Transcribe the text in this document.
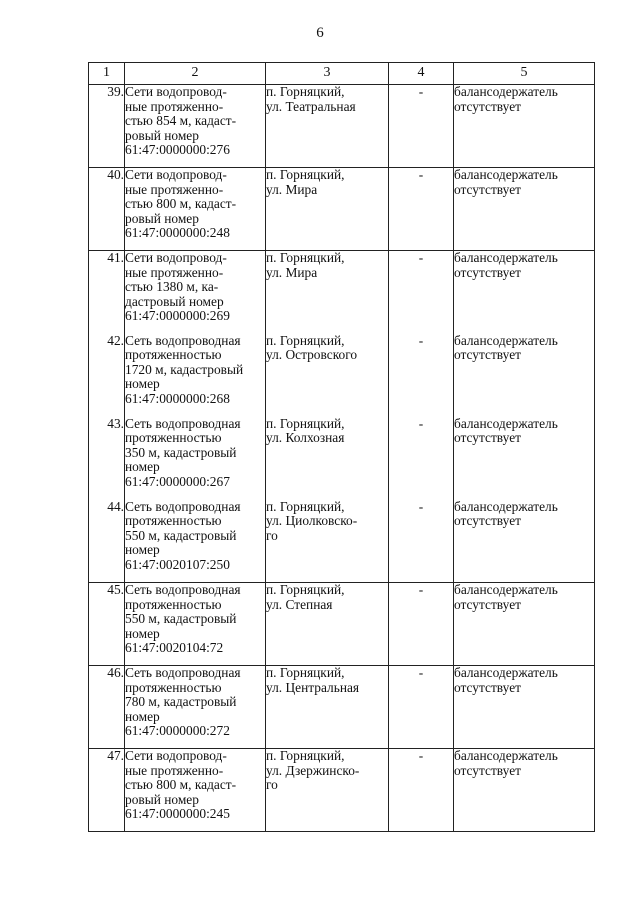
6
1	2	3	4	5
39.	Сети водопровод-
ные протяженно-
стью 854 м, кадаст-
ровый номер
61:47:0000000:276	п. Горняцкий,
ул. Театральная	-	балансодержатель
отсутствует

40.	Сети водопровод-
ные протяженно-
стью 800 м, кадаст-
ровый номер
61:47:0000000:248	п. Горняцкий,
ул. Мира	-	балансодержатель
отсутствует

41.	Сети водопровод-
ные протяженно-
стью 1380 м, ка-
дастровый номер
61:47:0000000:269	п. Горняцкий,
ул. Мира	-	балансодержатель
отсутствует

42.	Сеть водопроводная
протяженностью
1720 м, кадастровый
номер
61:47:0000000:268	п. Горняцкий,
ул. Островского	-	балансодержатель
отсутствует

43.	Сеть водопроводная
протяженностью
350 м, кадастровый
номер
61:47:0000000:267	п. Горняцкий,
ул. Колхозная	-	балансодержатель
отсутствует

44.	Сеть водопроводная
протяженностью
550 м, кадастровый
номер
61:47:0020107:250	п. Горняцкий,
ул. Циолковско-
го	-	балансодержатель
отсутствует

45.	Сеть водопроводная
протяженностью
550 м, кадастровый
номер
61:47:0020104:72	п. Горняцкий,
ул. Степная	-	балансодержатель
отсутствует

46.	Сеть водопроводная
протяженностью
780 м, кадастровый
номер
61:47:0000000:272	п. Горняцкий,
ул. Центральная	-	балансодержатель
отсутствует

47.	Сети водопровод-
ные протяженно-
стью 800 м, кадаст-
ровый номер
61:47:0000000:245	п. Горняцкий,
ул. Дзержинско-
го	-	балансодержатель
отсутствует
